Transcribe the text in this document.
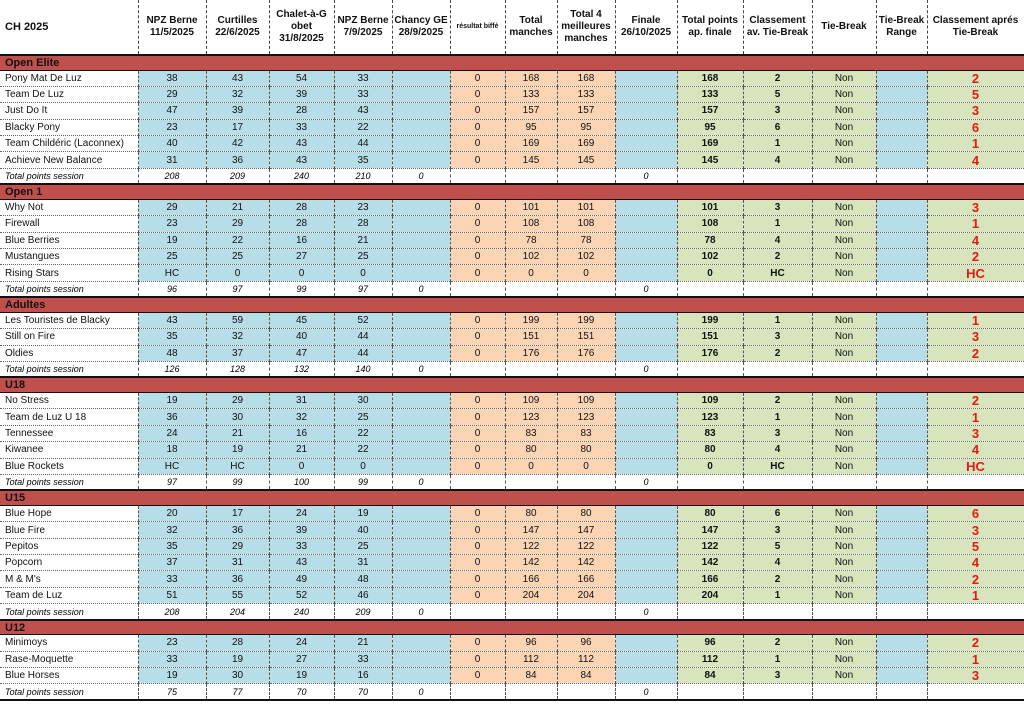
CH 2025	NPZ Berne 11/5/2025	Curtilles 22/6/2025	Chalet-à-G obet 31/8/2025	NPZ Berne 7/9/2025	Chancy GE 28/9/2025	résultat biffé	Total manches	Total 4 meilleures manches	Finale 26/10/2025	Total points ap. finale	Classement av. Tie-Break	Tie-Break	Tie-Break Range	Classement aprés Tie-Break
Open Elite														
Pony Mat De Luz	38	43	54	33		0	168	168		168	2	Non		2
Team De Luz	29	32	39	33		0	133	133		133	5	Non		5
Just Do It	47	39	28	43		0	157	157		157	3	Non		3
Blacky Pony	23	17	33	22		0	95	95		95	6	Non		6
Team Childéric (Laconnex)	40	42	43	44		0	169	169		169	1	Non		1
Achieve New Balance	31	36	43	35		0	145	145		145	4	Non		4
Total points session	208	209	240	210	0				0					
Open 1														
Why Not	29	21	28	23		0	101	101		101	3	Non		3
Firewall	23	29	28	28		0	108	108		108	1	Non		1
Blue Berries	19	22	16	21		0	78	78		78	4	Non		4
Mustangues	25	25	27	25		0	102	102		102	2	Non		2
Rising Stars	HC	0	0	0		0	0	0		0	HC	Non		HC
Total points session	96	97	99	97	0				0					
Adultes														
Les Touristes de Blacky	43	59	45	52		0	199	199		199	1	Non		1
Still on Fire	35	32	40	44		0	151	151		151	3	Non		3
Oldies	48	37	47	44		0	176	176		176	2	Non		2
Total points session	126	128	132	140	0				0					
U18														
No Stress	19	29	31	30		0	109	109		109	2	Non		2
Team de Luz U 18	36	30	32	25		0	123	123		123	1	Non		1
Tennessee	24	21	16	22		0	83	83		83	3	Non		3
Kiwanee	18	19	21	22		0	80	80		80	4	Non		4
Blue Rockets	HC	HC	0	0		0	0	0		0	HC	Non		HC
Total points session	97	99	100	99	0				0					
U15														
Blue Hope	20	17	24	19		0	80	80		80	6	Non		6
Blue Fire	32	36	39	40		0	147	147		147	3	Non		3
Pepitos	35	29	33	25		0	122	122		122	5	Non		5
Popcorn	37	31	43	31		0	142	142		142	4	Non		4
M & M's	33	36	49	48		0	166	166		166	2	Non		2
Team de Luz	51	55	52	46		0	204	204		204	1	Non		1
Total points session	208	204	240	209	0				0					
U12														
Minimoys	23	28	24	21		0	96	96		96	2	Non		2
Rase-Moquette	33	19	27	33		0	112	112		112	1	Non		1
Blue Horses	19	30	19	16		0	84	84		84	3	Non		3
Total points session	75	77	70	70	0				0					
